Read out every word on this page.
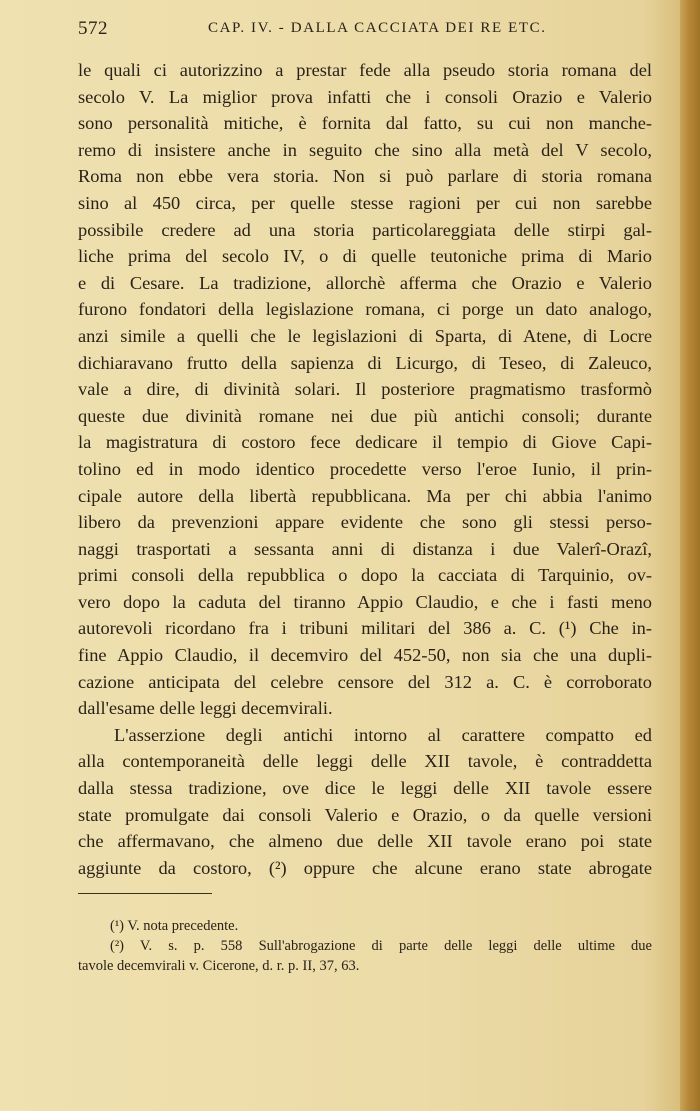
572	CAP. IV. - DALLA CACCIATA DEI RE ETC.
le quali ci autorizzino a prestar fede alla pseudo storia romana del
secolo V. La miglior prova infatti che i consoli Orazio e Valerio
sono personalità mitiche, è fornita dal fatto, su cui non manche-
remo di insistere anche in seguito che sino alla metà del V secolo,
Roma non ebbe vera storia. Non si può parlare di storia romana
sino al 450 circa, per quelle stesse ragioni per cui non sarebbe
possibile credere ad una storia particolareggiata delle stirpi gal-
liche prima del secolo IV, o di quelle teutoniche prima di Mario
e di Cesare. La tradizione, allorchè afferma che Orazio e Valerio
furono fondatori della legislazione romana, ci porge un dato analogo,
anzi simile a quelli che le legislazioni di Sparta, di Atene, di Locre
dichiaravano frutto della sapienza di Licurgo, di Teseo, di Zaleuco,
vale a dire, di divinità solari. Il posteriore pragmatismo trasformò
queste due divinità romane nei due più antichi consoli; durante
la magistratura di costoro fece dedicare il tempio di Giove Capi-
tolino ed in modo identico procedette verso l'eroe Iunio, il prin-
cipale autore della libertà repubblicana. Ma per chi abbia l'animo
libero da prevenzioni appare evidente che sono gli stessi perso-
naggi trasportati a sessanta anni di distanza i due Valerî-Orazî,
primi consoli della repubblica o dopo la cacciata di Tarquinio, ov-
vero dopo la caduta del tiranno Appio Claudio, e che i fasti meno
autorevoli ricordano fra i tribuni militari del 386 a. C. (¹) Che in-
fine Appio Claudio, il decemviro del 452-50, non sia che una dupli-
cazione anticipata del celebre censore del 312 a. C. è corroborato
dall'esame delle leggi decemvirali.
L'asserzione degli antichi intorno al carattere compatto ed
alla contemporaneità delle leggi delle XII tavole, è contraddetta
dalla stessa tradizione, ove dice le leggi delle XII tavole essere
state promulgate dai consoli Valerio e Orazio, o da quelle versioni
che affermavano, che almeno due delle XII tavole erano poi state
aggiunte da costoro, (²) oppure che alcune erano state abrogate
(¹) V. nota precedente.
(²) V. s. p. 558 Sull'abrogazione di parte delle leggi delle ultime due
tavole decemvirali v. Cicerone, d. r. p. II, 37, 63.
